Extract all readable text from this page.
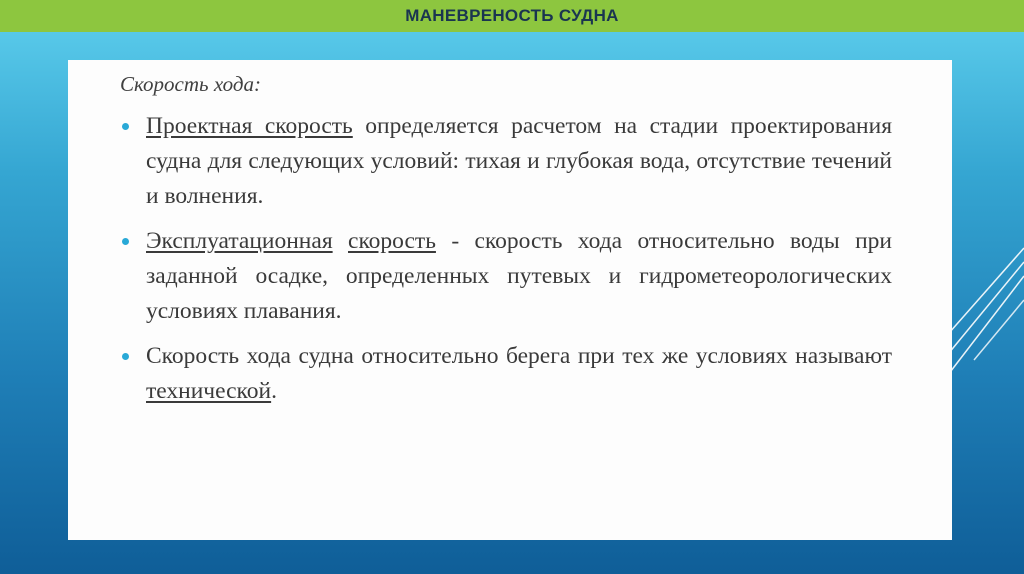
МАНЕВРЕНОСТЬ СУДНА
Скорость хода:
Проектная скорость определяется расчетом на стадии проектирования судна для следующих условий: тихая и глубокая вода, отсутствие течений и волнения.
Эксплуатационная скорость - скорость хода относительно воды при заданной осадке, определенных путевых и гидрометеорологических условиях плавания.
Скорость хода судна относительно берега при тех же условиях называют технической.
